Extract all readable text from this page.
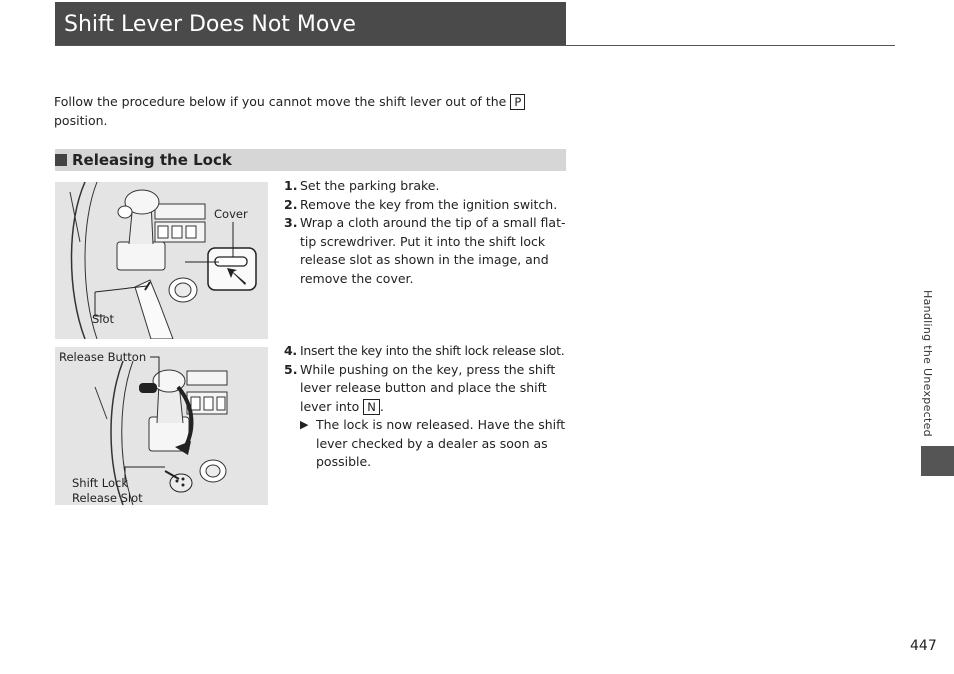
Shift Lever Does Not Move
Follow the procedure below if you cannot move the shift lever out of the P
position.
Releasing the Lock
Cover
Slot
Release Button
Shift Lock
Release Slot
1. Set the parking brake.
2. Remove the key from the ignition switch.
3. Wrap a cloth around the tip of a small flat-tip screwdriver. Put it into the shift lock release slot as shown in the image, and remove the cover.
4. Insert the key into the shift lock release slot.
5. While pushing on the key, press the shift lever release button and place the shift lever into N .
▶ The lock is now released. Have the shift lever checked by a dealer as soon as possible.
Handling the Unexpected
447
